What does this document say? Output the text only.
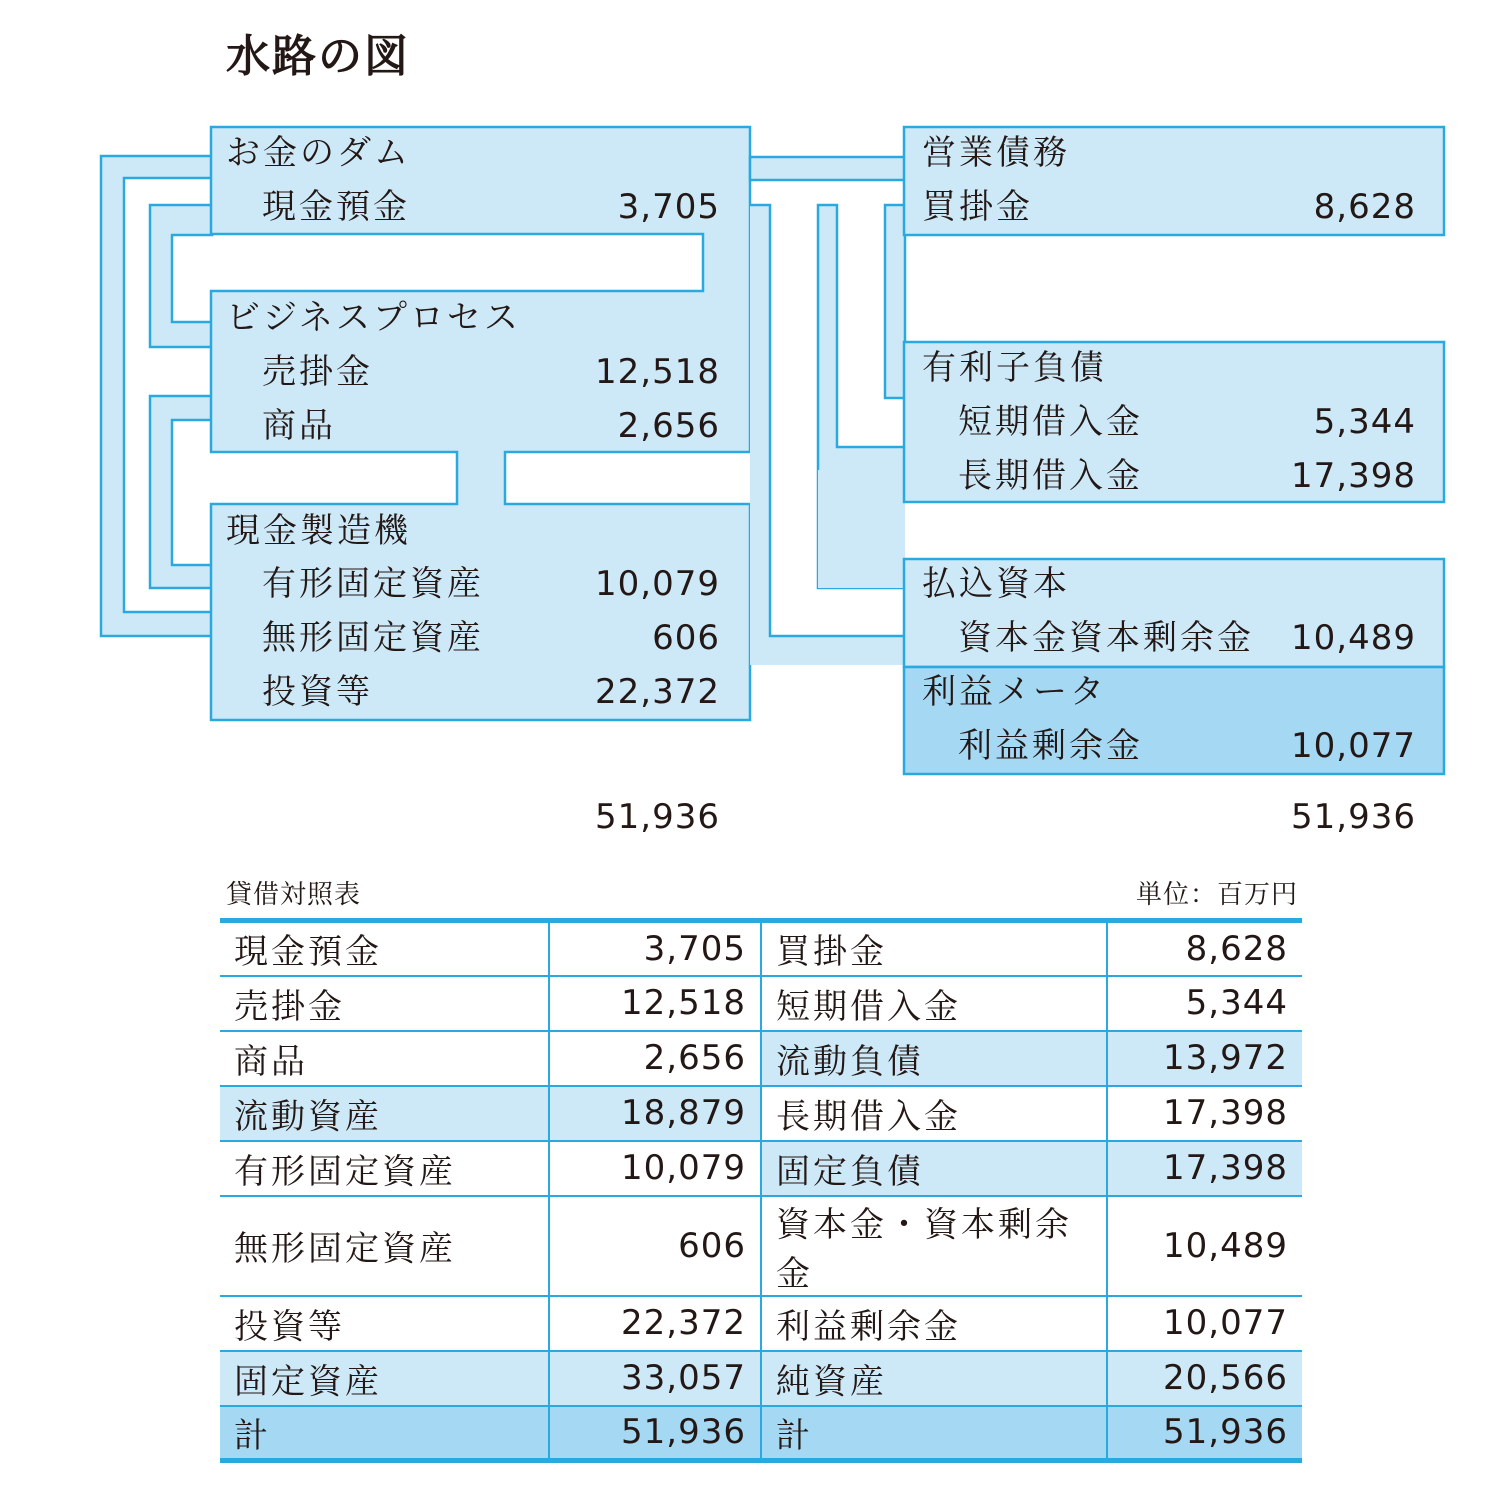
水路の図
お金のダム
現金預金	3,705
ビジネスプロセス
売掛金	12,518
商品	2,656
現金製造機
有形固定資産	10,079
無形固定資産	606
投資等	22,372
営業債務
買掛金	8,628
有利子負債
短期借入金	5,344
長期借入金	17,398
払込資本
資本金資本剰余金	10,489
利益メータ
利益剰余金	10,077
51,936	51,936
貸借対照表	単位：百万円
現金預金	3,705	買掛金	8,628
売掛金	12,518	短期借入金	5,344
商品	2,656	流動負債	13,972
流動資産	18,879	長期借入金	17,398
有形固定資産	10,079	固定負債	17,398
無形固定資産	606	資本金・資本剰余金	10,489
投資等	22,372	利益剰余金	10,077
固定資産	33,057	純資産	20,566
計	51,936	計	51,936
